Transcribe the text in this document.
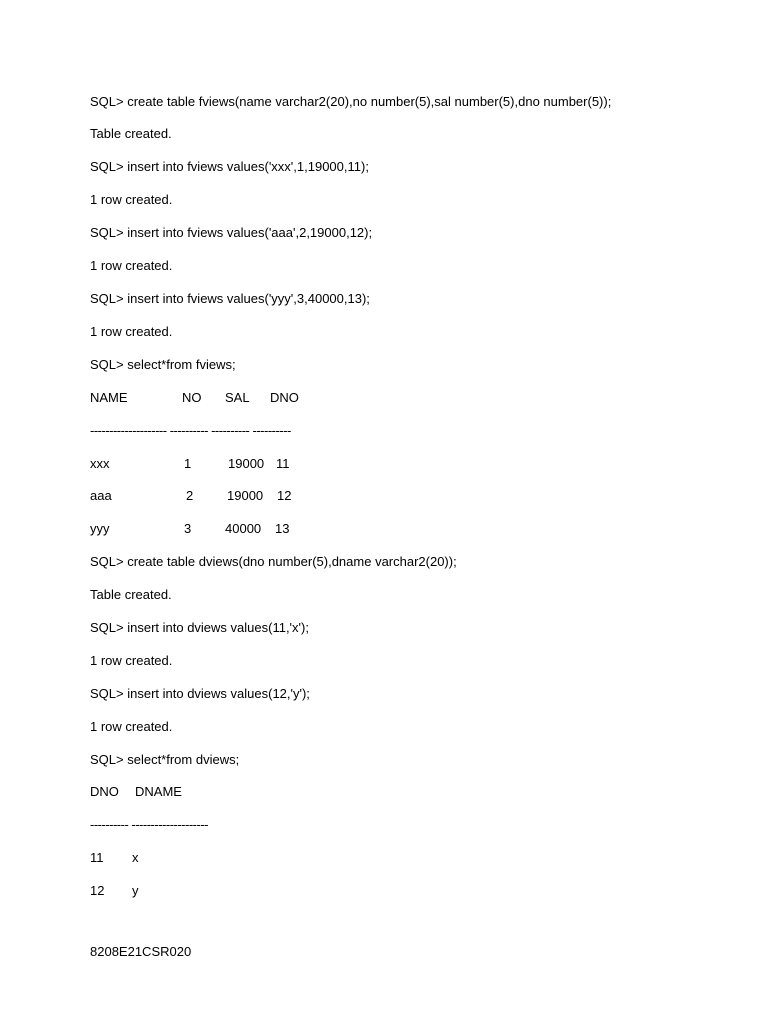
SQL> create table fviews(name varchar2(20),no number(5),sal number(5),dno number(5));
Table created.
SQL> insert into fviews values('xxx',1,19000,11);
1 row created.
SQL> insert into fviews values('aaa',2,19000,12);
1 row created.
SQL> insert into fviews values('yyy',3,40000,13);
1 row created.
SQL> select*from fviews;
NAME	NO SAL DNO
-------------------- ---------- ---------- ----------
xxx	1	19000 11
aaa	2	19000 12
yyy	3	40000 13
SQL> create table dviews(dno number(5),dname varchar2(20));
Table created.
SQL> insert into dviews values(11,'x');
1 row created.
SQL> insert into dviews values(12,'y');
1 row created.
SQL> select*from dviews;
DNO DNAME
---------- --------------------
11 x
12 y
8208E21CSR020
